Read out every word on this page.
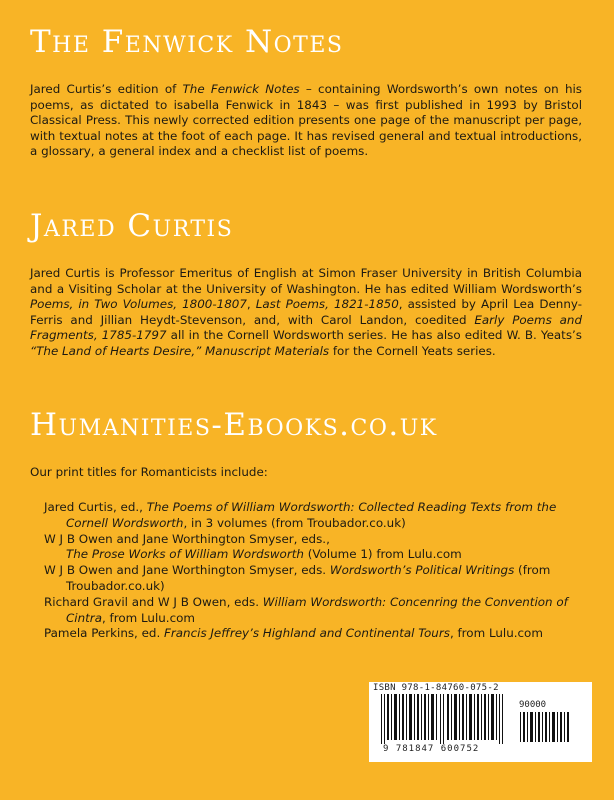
The Fenwick Notes

Jared Curtis’s edition of The Fenwick Notes – containing Wordsworth’s own notes on his poems, as dictated to isabella Fenwick in 1843 – was first published in 1993 by Bristol Classical Press. This newly corrected edition presents one page of the manuscript per page, with textual notes at the foot of each page. It has revised general and textual introductions, a glossary, a general index and a checklist list of poems.

Jared Curtis

Jared Curtis is Professor Emeritus of English at Simon Fraser University in British Columbia and a Visiting Scholar at the University of Washington. He has edited William Wordsworth’s Poems, in Two Volumes, 1800-1807, Last Poems, 1821-1850, assisted by April Lea Denny-Ferris and Jillian Heydt-Stevenson, and, with Carol Landon, coedited Early Poems and Fragments, 1785-1797 all in the Cornell Wordsworth series. He has also edited W. B. Yeats’s “The Land of Hearts Desire,” Manuscript Materials for the Cornell Yeats series.

Humanities-Ebooks.co.uk

Our print titles for Romanticists include:

Jared Curtis, ed., The Poems of William Wordsworth: Collected Reading Texts from the Cornell Wordsworth, in 3 volumes (from Troubador.co.uk)
W J B Owen and Jane Worthington Smyser, eds.,
The Prose Works of William Wordsworth (Volume 1) from Lulu.com
W J B Owen and Jane Worthington Smyser, eds. Wordsworth’s Political Writings (from Troubador.co.uk)
Richard Gravil and W J B Owen, eds. William Wordsworth: Concenring the Convention of Cintra, from Lulu.com
Pamela Perkins, ed. Francis Jeffrey’s Highland and Continental Tours, from Lulu.com
ISBN 978-1-84760-075-2
90000
9 781847 600752
